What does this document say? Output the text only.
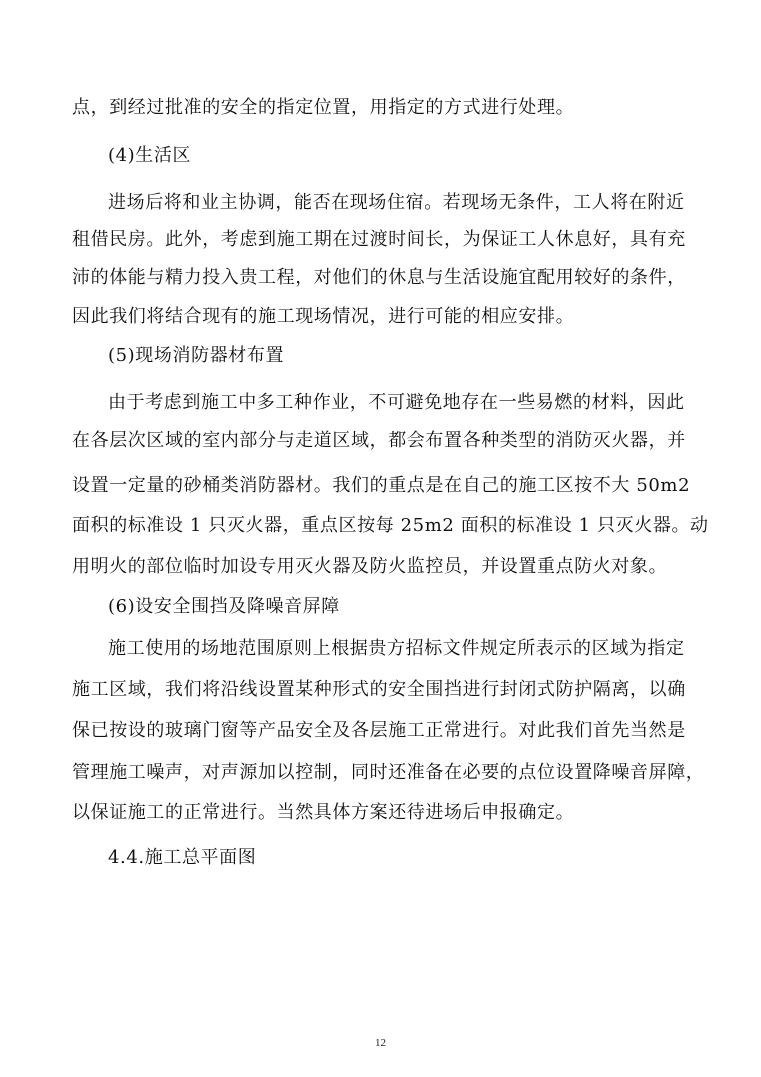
点，到经过批准的安全的指定位置，用指定的方式进行处理。
(4)生活区
进场后将和业主协调，能否在现场住宿。若现场无条件，工人将在附近
租借民房。此外，考虑到施工期在过渡时间长，为保证工人休息好，具有充
沛的体能与精力投入贵工程，对他们的休息与生活设施宜配用较好的条件，
因此我们将结合现有的施工现场情况，进行可能的相应安排。
(5)现场消防器材布置
由于考虑到施工中多工种作业，不可避免地存在一些易燃的材料，因此
在各层次区域的室内部分与走道区域，都会布置各种类型的消防灭火器，并
设置一定量的砂桶类消防器材。我们的重点是在自己的施工区按不大 50m2
面积的标准设 1 只灭火器，重点区按每 25m2 面积的标准设 1 只灭火器。动
用明火的部位临时加设专用灭火器及防火监控员，并设置重点防火对象。
(6)设安全围挡及降噪音屏障
施工使用的场地范围原则上根据贵方招标文件规定所表示的区域为指定
施工区域，我们将沿线设置某种形式的安全围挡进行封闭式防护隔离，以确
保已按设的玻璃门窗等产品安全及各层施工正常进行。对此我们首先当然是
管理施工噪声，对声源加以控制，同时还准备在必要的点位设置降噪音屏障，
以保证施工的正常进行。当然具体方案还待进场后申报确定。
4.4.施工总平面图
12
